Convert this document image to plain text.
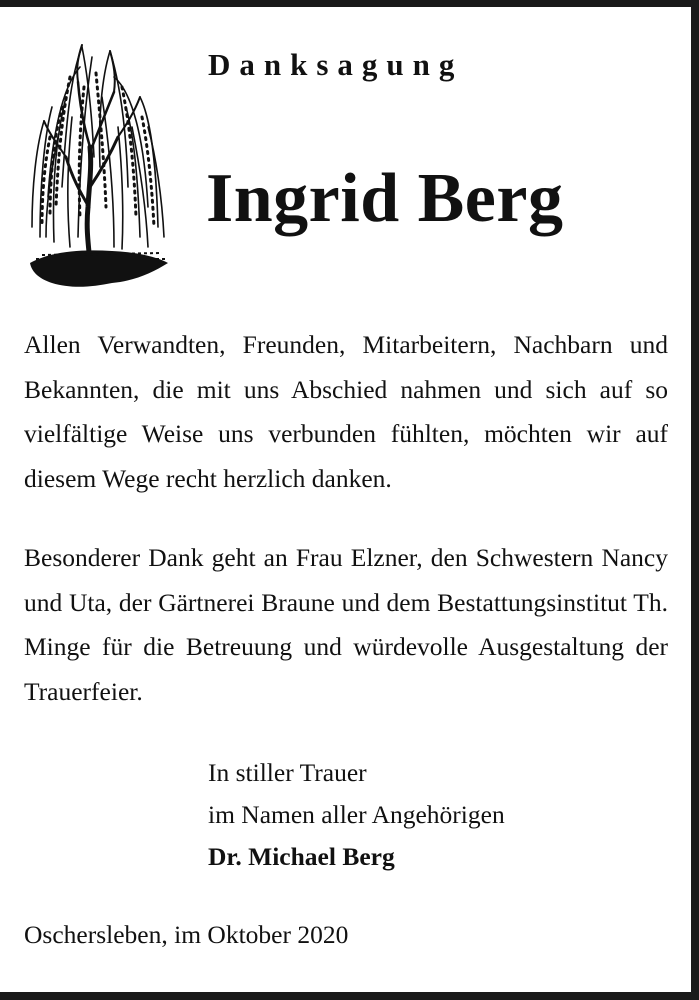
Danksagung
Ingrid Berg
Allen Verwandten, Freunden, Mitarbeitern, Nachbarn und Bekannten, die mit uns Abschied nahmen und sich auf so vielfältige Weise uns verbunden fühlten, möchten wir auf diesem Wege recht herzlich danken.
Besonderer Dank geht an Frau Elzner, den Schwestern Nancy und Uta, der Gärtnerei Braune und dem Bestattungsinstitut Th. Minge für die Betreuung und würdevolle Ausgestaltung der Trauerfeier.
In stiller Trauer
im Namen aller Angehörigen
Dr. Michael Berg
Oschersleben, im Oktober 2020
